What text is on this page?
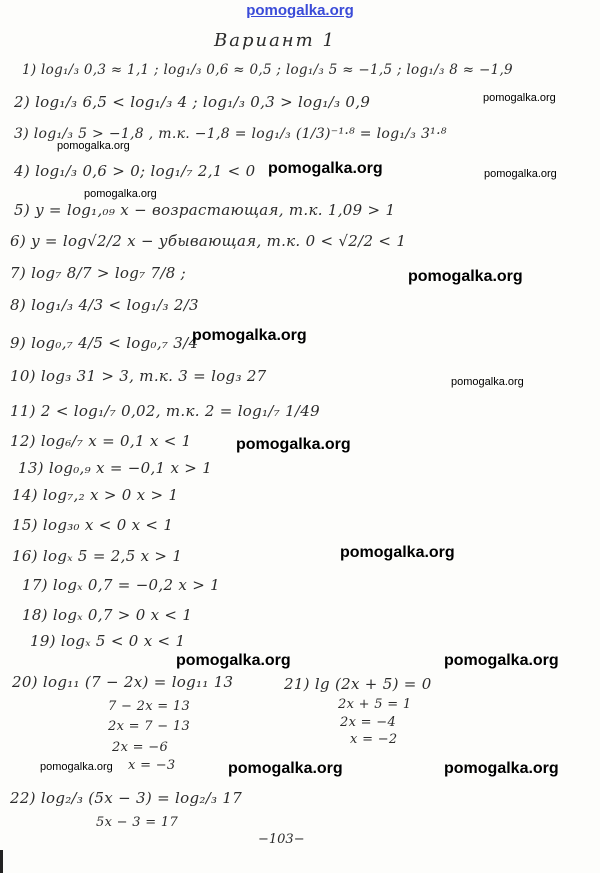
pomogalka.org
Вариант 1
1) log₁/₃ 0,3 ≈ 1,1 ; log₁/₃ 0,6 ≈ 0,5 ; log₁/₃ 5 ≈ −1,5 ; log₁/₃ 8 ≈ −1,9
2) log₁/₃ 6,5 < log₁/₃ 4 ; log₁/₃ 0,3 > log₁/₃ 0,9
3) log₁/₃ 5 > −1,8 , т.к. −1,8 = log₁/₃ (1/3)⁻¹·⁸ = log₁/₃ 3¹·⁸
4) log₁/₃ 0,6 > 0; log₁/₇ 2,1 < 0
5) y = log₁,₀₉ x − возрастающая, т.к. 1,09 > 1
6) y = log√2/2 x − убывающая, т.к. 0 < √2/2 < 1
7) log₇ 8/7 > log₇ 7/8 ;
8) log₁/₃ 4/3 < log₁/₃ 2/3
9) log₀,₇ 4/5 < log₀,₇ 3/4
10) log₃ 31 > 3, т.к. 3 = log₃ 27
11) 2 < log₁/₇ 0,02, т.к. 2 = log₁/₇ 1/49
12) log₆/₇ x = 0,1 x < 1
13) log₀,₉ x = −0,1 x > 1
14) log₇,₂ x > 0 x > 1
15) log₃₀ x < 0 x < 1
16) logₓ 5 = 2,5 x > 1
17) logₓ 0,7 = −0,2 x > 1
18) logₓ 0,7 > 0 x < 1
19) logₓ 5 < 0 x < 1
20) log₁₁ (7 − 2x) = log₁₁ 13
7 − 2x = 13
2x = 7 − 13
2x = −6
x = −3
21) lg (2x + 5) = 0
2x + 5 = 1
2x = −4
x = −2
22) log₂/₃ (5x − 3) = log₂/₃ 17
5x − 3 = 17
pomogalka.org
pomogalka.org
pomogalka.org	pomogalka.org
pomogalka.org
pomogalka.org
pomogalka.org
pomogalka.org
pomogalka.org
pomogalka.org
pomogalka.org	pomogalka.org
pomogalka.org	pomogalka.org	pomogalka.org
−103−
